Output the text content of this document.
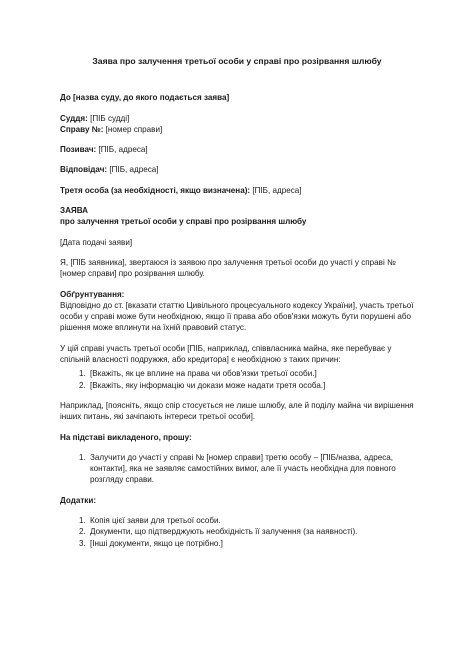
Заява про залучення третьої особи у справі про розірвання шлюбу

До [назва суду, до якого подається заява]

Суддя: [ПІБ судді]

Справу №: [номер справи]

Позивач: [ПІБ, адреса]

Відповідач: [ПІБ, адреса]

Третя особа (за необхідності, якщо визначена): [ПІБ, адреса]

ЗАЯВА

про залучення третьої особи у справі про розірвання шлюбу

[Дата подачі заяви]

Я, [ПІБ заявника], звертаюся із заявою про залучення третьої особи до участі у справі № [номер справи] про розірвання шлюбу.

Обґрунтування:

Відповідно до ст. [вказати статтю Цивільного процесуального кодексу України], участь третьої особи у справі може бути необхідною, якщо її права або обов'язки можуть бути порушені або рішення може вплинути на їхній правовий статус.

У цій справі участь третьої особи [ПІБ, наприклад, співвласника майна, яке перебуває у спільній власності подружжя, або кредитора] є необхідною з таких причин:

1. [Вкажіть, як це вплине на права чи обов'язки третьої особи.]
2. [Вкажіть, яку інформацію чи докази може надати третя особа.]

Наприклад, [поясніть, якщо спір стосується не лише шлюбу, але й поділу майна чи вирішення інших питань, які зачіпають інтереси третьої особи].

На підставі викладеного, прошу:

1. Залучити до участі у справі № [номер справи] третю особу – [ПІБ/назва, адреса, контакти], яка не заявляє самостійних вимог, але її участь необхідна для повного розгляду справи.

Додатки:

1. Копія цієї заяви для третьої особи.
2. Документи, що підтверджують необхідність її залучення (за наявності).
3. [Інші документи, якщо це потрібно.]
